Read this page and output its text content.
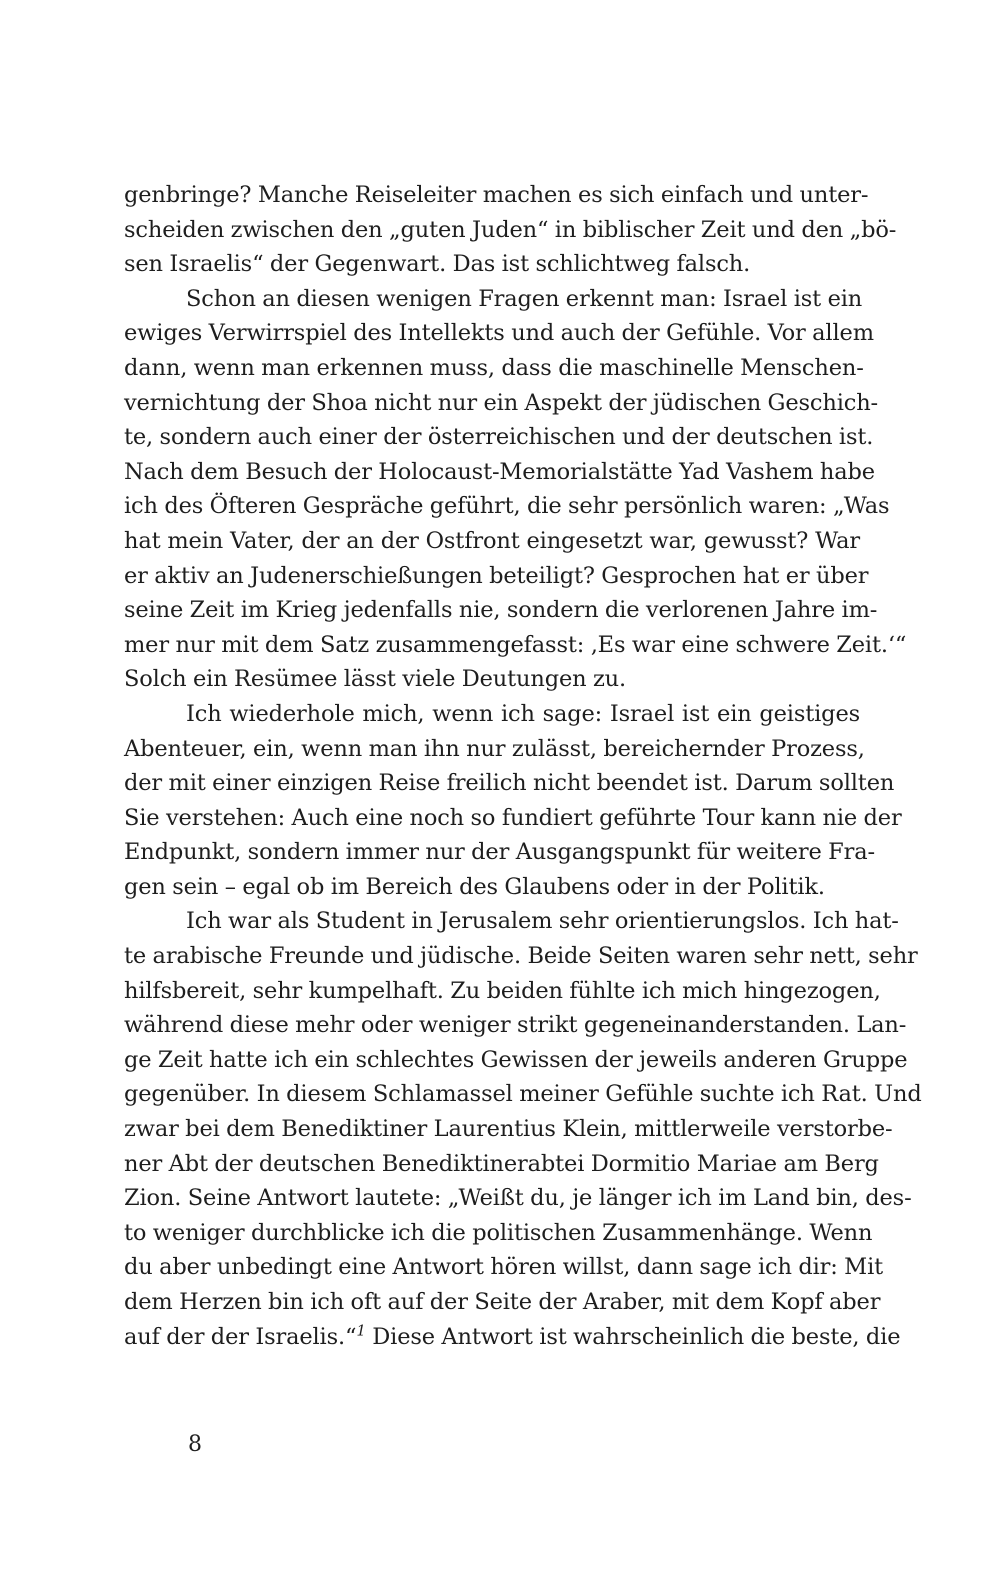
genbringe? Manche Reiseleiter machen es sich einfach und unter-
scheiden zwischen den „guten Juden“ in biblischer Zeit und den „bö-
sen Israelis“ der Gegenwart. Das ist schlichtweg falsch.
Schon an diesen wenigen Fragen erkennt man: Israel ist ein
ewiges Verwirrspiel des Intellekts und auch der Gefühle. Vor allem
dann, wenn man erkennen muss, dass die maschinelle Menschen-
vernichtung der Shoa nicht nur ein Aspekt der jüdischen Geschich-
te, sondern auch einer der österreichischen und der deutschen ist.
Nach dem Besuch der Holocaust-Memorialstätte Yad Vashem habe
ich des Öfteren Gespräche geführt, die sehr persönlich waren: „Was
hat mein Vater, der an der Ostfront eingesetzt war, gewusst? War
er aktiv an Judenerschießungen beteiligt? Gesprochen hat er über
seine Zeit im Krieg jedenfalls nie, sondern die verlorenen Jahre im-
mer nur mit dem Satz zusammengefasst: ‚Es war eine schwere Zeit.‘“
Solch ein Resümee lässt viele Deutungen zu.
Ich wiederhole mich, wenn ich sage: Israel ist ein geistiges
Abenteuer, ein, wenn man ihn nur zulässt, bereichernder Prozess,
der mit einer einzigen Reise freilich nicht beendet ist. Darum sollten
Sie verstehen: Auch eine noch so fundiert geführte Tour kann nie der
Endpunkt, sondern immer nur der Ausgangspunkt für weitere Fra-
gen sein – egal ob im Bereich des Glaubens oder in der Politik.
Ich war als Student in Jerusalem sehr orientierungslos. Ich hat-
te arabische Freunde und jüdische. Beide Seiten waren sehr nett, sehr
hilfsbereit, sehr kumpelhaft. Zu beiden fühlte ich mich hingezogen,
während diese mehr oder weniger strikt gegeneinanderstanden. Lan-
ge Zeit hatte ich ein schlechtes Gewissen der jeweils anderen Gruppe
gegenüber. In diesem Schlamassel meiner Gefühle suchte ich Rat. Und
zwar bei dem Benediktiner Laurentius Klein, mittlerweile verstorbe-
ner Abt der deutschen Benediktinerabtei Dormitio Mariae am Berg
Zion. Seine Antwort lautete: „Weißt du, je länger ich im Land bin, des-
to weniger durchblicke ich die politischen Zusammenhänge. Wenn
du aber unbedingt eine Antwort hören willst, dann sage ich dir: Mit
dem Herzen bin ich oft auf der Seite der Araber, mit dem Kopf aber
auf der der Israelis.“$^1$ Diese Antwort ist wahrscheinlich die beste, die
8
